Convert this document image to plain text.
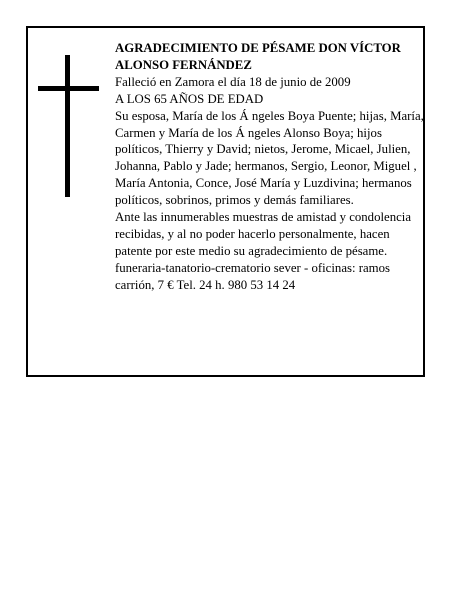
AGRADECIMIENTO DE PÉSAME DON VÍCTOR ALONSO FERNÁNDEZ

Falleció en Zamora el día 18 de junio de 2009

A LOS 65 AÑOS DE EDAD

Su esposa, María de los Á ngeles Boya Puente; hijas, María, Carmen y María de los Á ngeles Alonso Boya; hijos políticos, Thierry y David; nietos, Jerome, Micael, Julien, Johanna, Pablo y Jade; hermanos, Sergio, Leonor, Miguel , María Antonia, Conce, José María y Luzdivina; hermanos políticos, sobrinos, primos y demás familiares.

Ante las innumerables muestras de amistad y condolencia recibidas, y al no poder hacerlo personalmente, hacen patente por este medio su agradecimiento de pésame.

funeraria-tanatorio-crematorio sever - oficinas: ramos carrión, 7 € Tel. 24 h. 980 53 14 24
